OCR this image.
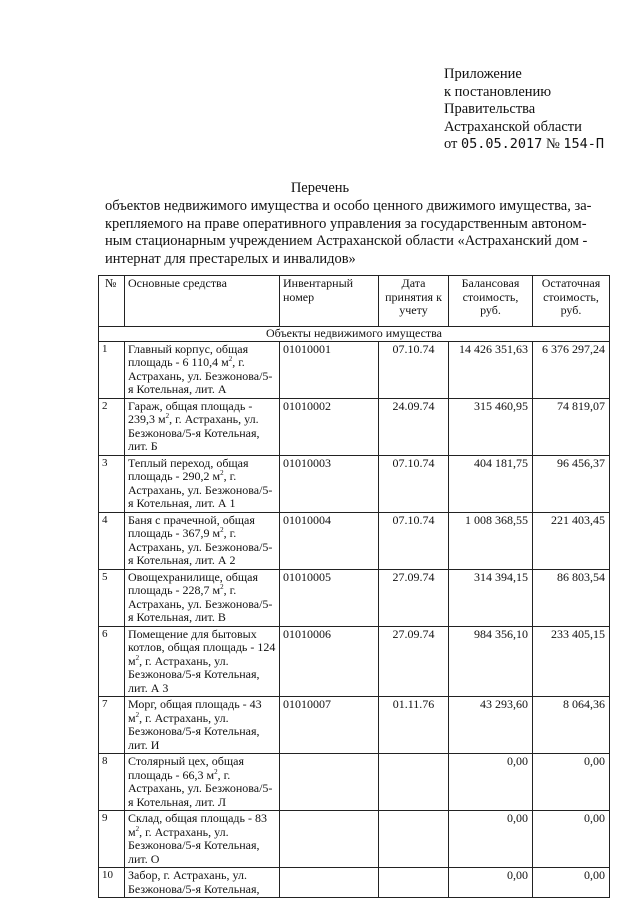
Приложение
к постановлению
Правительства
Астраханской области
от 05.05.2017 № 154-П
Перечень
объектов недвижимого имущества и особо ценного движимого имущества, за-
крепляемого на праве оперативного управления за государственным автоном-
ным стационарным учреждением Астраханской области «Астраханский дом -
интернат для престарелых и инвалидов»
№	Основные средства	Инвентарный номер	Дата принятия к учету	Балансовая стоимость, руб.	Остаточная стоимость, руб.
Объекты недвижимого имущества					
1	Главный корпус, общая площадь - 6 110,4 $м^2$, г. Астрахань, ул. Безжонова/5-я Котельная, лит. А	01010001	07.10.74	14 426 351,63	6 376 297,24
2	Гараж, общая площадь - 239,3 $м^2$, г. Астрахань, ул. Безжонова/5-я Котельная, лит. Б	01010002	24.09.74	315 460,95	74 819,07
3	Теплый переход, общая площадь - 290,2 $м^2$, г. Астрахань, ул. Безжонова/5-я Котельная, лит. А 1	01010003	07.10.74	404 181,75	96 456,37
4	Баня с прачечной, общая площадь - 367,9 $м^2$, г. Астрахань, ул. Безжонова/5-я Котельная, лит. А 2	01010004	07.10.74	1 008 368,55	221 403,45
5	Овощехранилище, общая площадь - 228,7 $м^2$, г. Астрахань, ул. Безжонова/5-я Котельная, лит. В	01010005	27.09.74	314 394,15	86 803,54
6	Помещение для бытовых котлов, общая площадь - 124 $м^2$, г. Астрахань, ул. Безжонова/5-я Котельная, лит. А 3	01010006	27.09.74	984 356,10	233 405,15
7	Морг, общая площадь - 43 $м^2$, г. Астрахань, ул. Безжонова/5-я Котельная, лит. И	01010007	01.11.76	43 293,60	8 064,36
8	Столярный цех, общая площадь - 66,3 $м^2$, г. Астрахань, ул. Безжонова/5-я Котельная, лит. Л			0,00	0,00
9	Склад, общая площадь - 83 $м^2$, г. Астрахань, ул. Безжонова/5-я Котельная, лит. О			0,00	0,00
10	Забор, г. Астрахань, ул. Безжонова/5-я Котельная,			0,00	0,00
